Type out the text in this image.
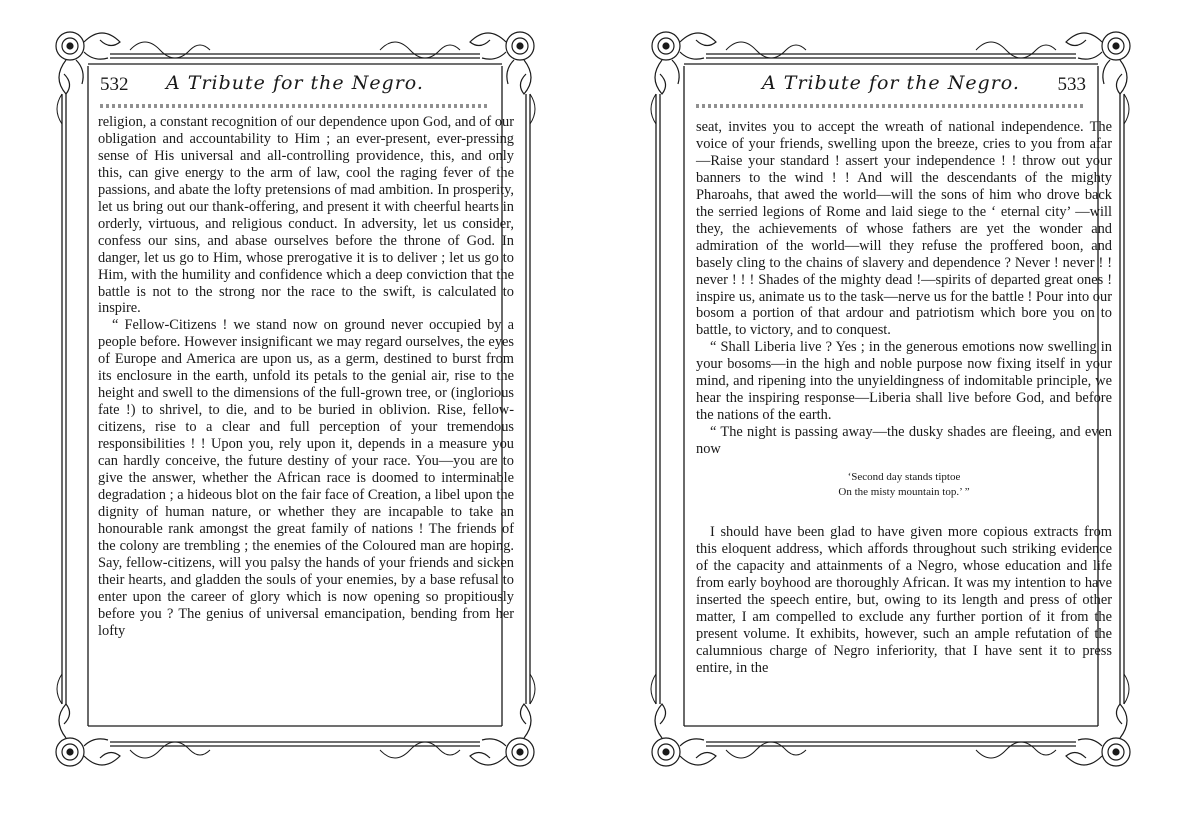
532	A Tribute for the Negro.

religion, a constant recognition of our dependence upon God, and of our obligation and accountability to Him ; an ever-present, ever-pressing sense of His universal and all-controlling providence, this, and only this, can give energy to the arm of law, cool the raging fever of the passions, and abate the lofty pretensions of mad ambition. In prosperity, let us bring out our thank-offering, and present it with cheerful hearts in orderly, virtuous, and religious conduct. In adversity, let us consider, confess our sins, and abase ourselves before the throne of God. In danger, let us go to Him, whose prerogative it is to deliver ; let us go to Him, with the humility and confidence which a deep conviction that the battle is not to the strong nor the race to the swift, is calculated to inspire.

“ Fellow-Citizens ! we stand now on ground never occupied by a people before. However insignificant we may regard ourselves, the eyes of Europe and America are upon us, as a germ, destined to burst from its enclosure in the earth, unfold its petals to the genial air, rise to the height and swell to the dimensions of the full-grown tree, or (inglorious fate !) to shrivel, to die, and to be buried in oblivion. Rise, fellow-citizens, rise to a clear and full perception of your tremendous responsibilities ! ! Upon you, rely upon it, depends in a measure you can hardly conceive, the future destiny of your race. You—you are to give the answer, whether the African race is doomed to interminable degradation ; a hideous blot on the fair face of Creation, a libel upon the dignity of human nature, or whether they are incapable to take an honourable rank amongst the great family of nations ! The friends of the colony are trembling ; the enemies of the Coloured man are hoping. Say, fellow-citizens, will you palsy the hands of your friends and sicken their hearts, and gladden the souls of your enemies, by a base refusal to enter upon the career of glory which is now opening so propitiously before you ? The genius of universal emancipation, bending from her lofty

A Tribute for the Negro.	533

seat, invites you to accept the wreath of national independence. The voice of your friends, swelling upon the breeze, cries to you from afar—Raise your standard ! assert your independence ! ! throw out your banners to the wind ! ! And will the descendants of the mighty Pharoahs, that awed the world—will the sons of him who drove back the serried legions of Rome and laid siege to the ‘ eternal city’ —will they, the achievements of whose fathers are yet the wonder and admiration of the world—will they refuse the proffered boon, and basely cling to the chains of slavery and dependence ? Never ! never ! ! never ! ! ! Shades of the mighty dead !—spirits of departed great ones ! inspire us, animate us to the task—nerve us for the battle ! Pour into our bosom a portion of that ardour and patriotism which bore you on to battle, to victory, and to conquest.

“ Shall Liberia live ? Yes ; in the generous emotions now swelling in your bosoms—in the high and noble purpose now fixing itself in your mind, and ripening into the unyieldingness of indomitable principle, we hear the inspiring response—Liberia shall live before God, and before the nations of the earth.

“ The night is passing away—the dusky shades are fleeing, and even now

‘Second day stands tiptoe
On the misty mountain top.’ ”

I should have been glad to have given more copious extracts from this eloquent address, which affords throughout such striking evidence of the capacity and attainments of a Negro, whose education and life from early boyhood are thoroughly African. It was my intention to have inserted the speech entire, but, owing to its length and press of other matter, I am compelled to exclude any further portion of it from the present volume. It exhibits, however, such an ample refutation of the calumnious charge of Negro inferiority, that I have sent it to press entire, in the
